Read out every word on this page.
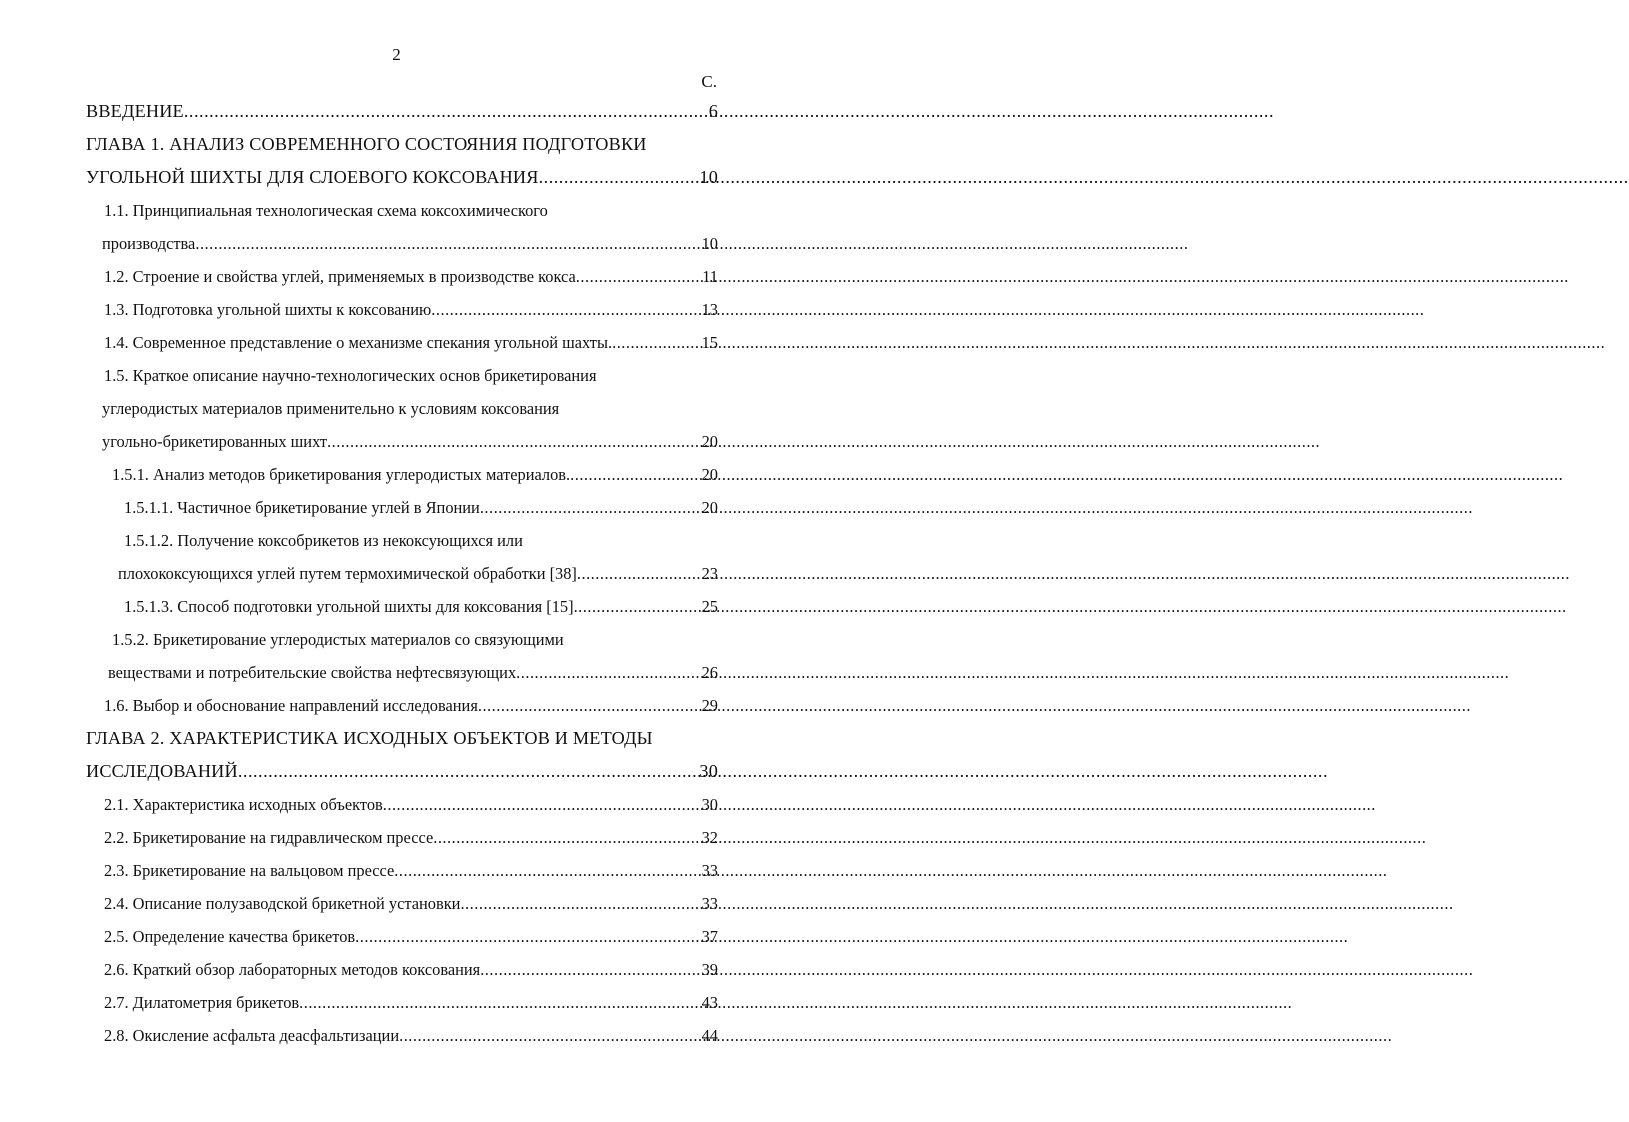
2
С.
ВВЕДЕНИЕ .....	6
ГЛАВА 1. АНАЛИЗ СОВРЕМЕННОГО СОСТОЯНИЯ ПОДГОТОВКИ
УГОЛЬНОЙ ШИХТЫ ДЛЯ СЛОЕВОГО КОКСОВАНИЯ .....	10
1.1. Принципиальная технологическая схема коксохимического
производства .....	10
1.2. Строение и свойства углей, применяемых в производстве кокса .....	11
1.3. Подготовка угольной шихты к коксованию .....	13
1.4. Современное представление о механизме спекания угольной шахты. .....	15
1.5. Краткое описание научно-технологических основ брикетирования
углеродистых материалов применительно к условиям коксования
угольно-брикетированных шихт .....	20
1.5.1. Анализ методов брикетирования углеродистых материалов. .....	20
1.5.1.1. Частичное брикетирование углей в Японии .....	20
1.5.1.2. Получение коксобрикетов из некоксующихся или
плохококсующихся углей путем термохимической обработки [38] .....	23
1.5.1.3. Способ подготовки угольной шихты для коксования [15] .....	25
1.5.2. Брикетирование углеродистых материалов со связующими
веществами и потребительские свойства нефтесвязующих .....	26
1.6. Выбор и обоснование направлений исследования .....	29
ГЛАВА 2. ХАРАКТЕРИСТИКА ИСХОДНЫХ ОБЪЕКТОВ И МЕТОДЫ
ИССЛЕДОВАНИЙ .....	30
2.1. Характеристика исходных объектов .....	30
2.2. Брикетирование на гидравлическом прессе .....	32
2.3. Брикетирование на вальцовом прессе .....	33
2.4. Описание полузаводской брикетной установки .....	33
2.5. Определение качества брикетов .....	37
2.6. Краткий обзор лабораторных методов коксования .....	39
2.7. Дилатометрия брикетов .....	43
2.8. Окисление асфальта деасфальтизации .....	44
